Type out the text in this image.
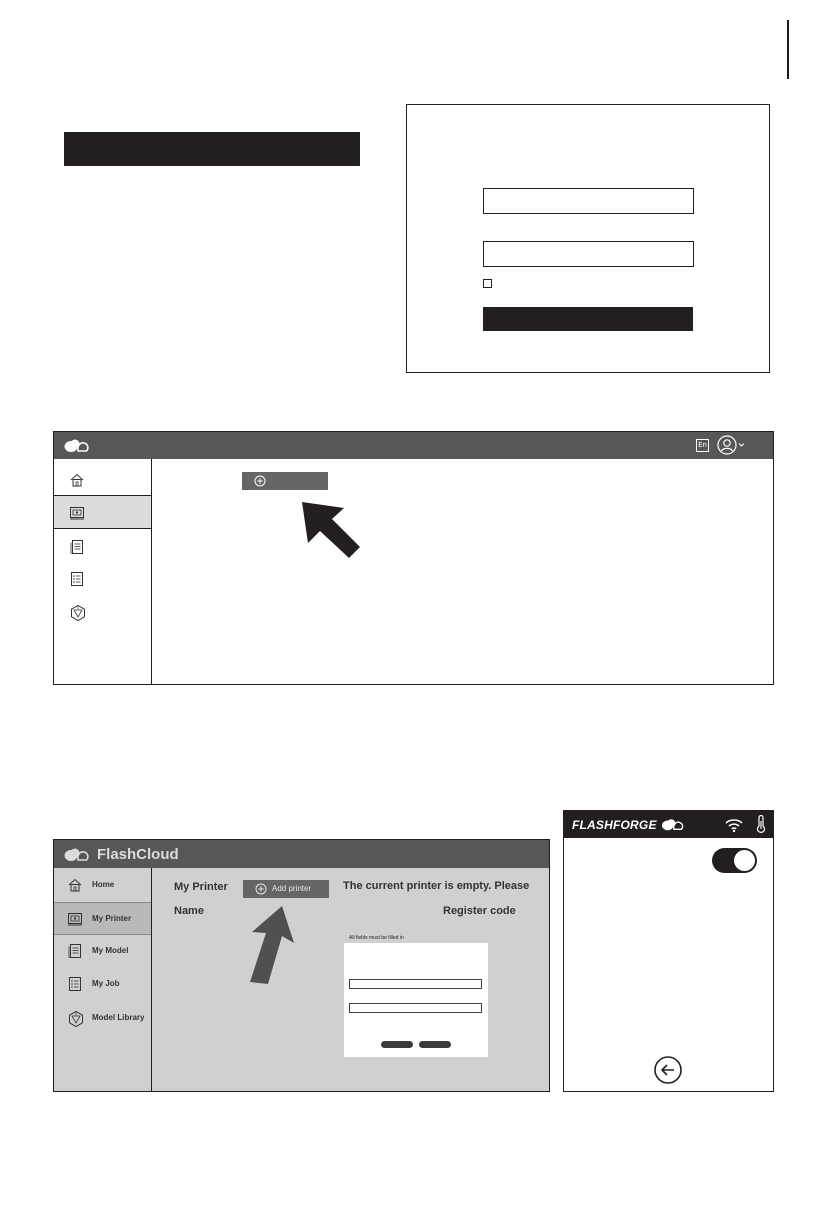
En
FlashCloud
Home
My Printer
My Model
My Job
Model Library
My Printer	Add printer	The current printer is empty. Please
Name	Register code
All fields must be filled in
FLASHFORGE
